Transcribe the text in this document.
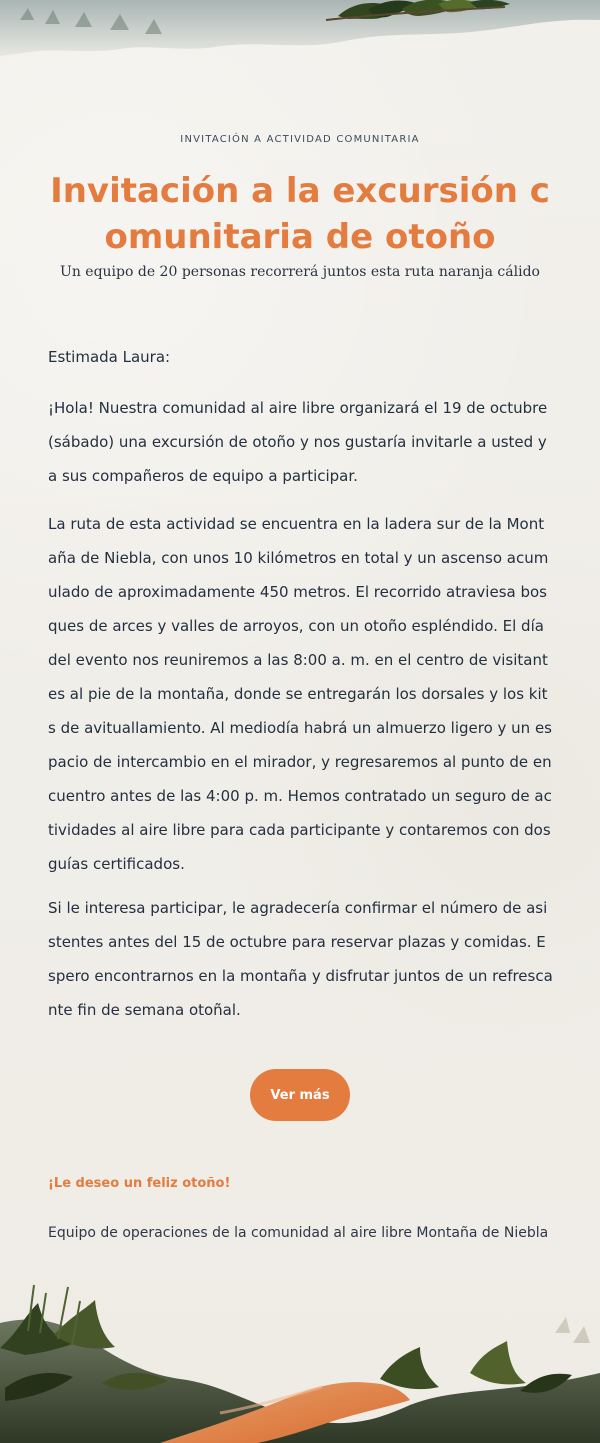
INVITACIÓN A ACTIVIDAD COMUNITARIA
Invitación a la excursión comunitaria de otoño
Un equipo de 20 personas recorrerá juntos esta ruta naranja cálido
Estimada Laura:
¡Hola! Nuestra comunidad al aire libre organizará el 19 de octubre (sábado) una excursión de otoño y nos gustaría invitarle a usted y a sus compañeros de equipo a participar.
La ruta de esta actividad se encuentra en la ladera sur de la Montaña de Niebla, con unos 10 kilómetros en total y un ascenso acumulado de aproximadamente 450 metros. El recorrido atraviesa bosques de arces y valles de arroyos, con un otoño espléndido. El día del evento nos reuniremos a las 8:00 a. m. en el centro de visitantes al pie de la montaña, donde se entregarán los dorsales y los kits de avituallamiento. Al mediodía habrá un almuerzo ligero y un espacio de intercambio en el mirador, y regresaremos al punto de encuentro antes de las 4:00 p. m. Hemos contratado un seguro de actividades al aire libre para cada participante y contaremos con dos guías certificados.
Si le interesa participar, le agradecería confirmar el número de asistentes antes del 15 de octubre para reservar plazas y comidas. Espero encontrarnos en la montaña y disfrutar juntos de un refrescante fin de semana otoñal.
Ver más
¡Le deseo un feliz otoño!
Equipo de operaciones de la comunidad al aire libre Montaña de Niebla
